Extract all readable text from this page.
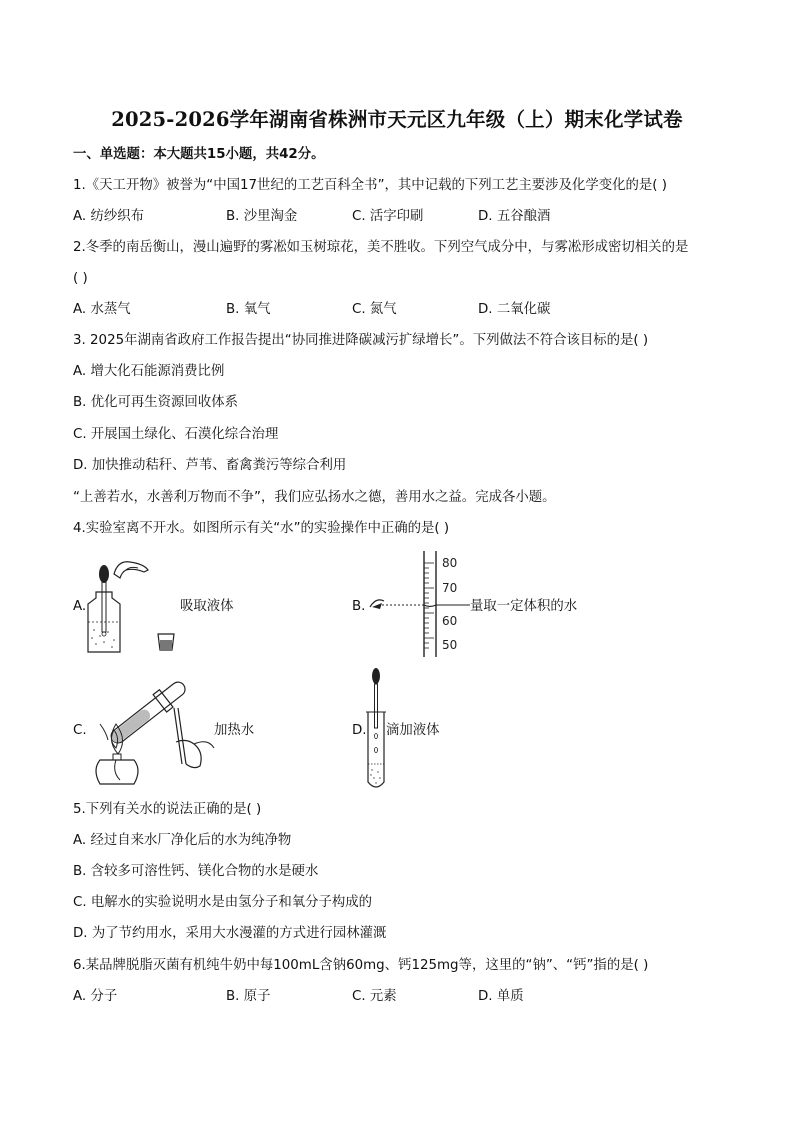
2025-2026学年湖南省株洲市天元区九年级（上）期末化学试卷
一、单选题：本大题共15小题，共42分。
1.《天工开物》被誉为“中国17世纪的工艺百科全书”，其中记载的下列工艺主要涉及化学变化的是( )
A. 纺纱织布	B. 沙里淘金	C. 活字印刷	D. 五谷酿酒
2.冬季的南岳衡山，漫山遍野的雾凇如玉树琼花，美不胜收。下列空气成分中，与雾凇形成密切相关的是
( )
A. 水蒸气	B. 氧气	C. 氮气	D. 二氧化碳
3. 2025年湖南省政府工作报告提出“协同推进降碳减污扩绿增长”。下列做法不符合该目标的是( )
A. 增大化石能源消费比例
B. 优化可再生资源回收体系
C. 开展国土绿化、石漠化综合治理
D. 加快推动秸秆、芦苇、畜禽粪污等综合利用
“上善若水，水善利万物而不争”，我们应弘扬水之德，善用水之益。完成各小题。
4.实验室离不开水。如图所示有关“水”的实验操作中正确的是( )
A.	吸取液体	B.
80
70
60
50
量取一定体积的水
C.	加热水	D. 滴加液体
5.下列有关水的说法正确的是( )
A. 经过自来水厂净化后的水为纯净物
B. 含较多可溶性钙、镁化合物的水是硬水
C. 电解水的实验说明水是由氢分子和氧分子构成的
D. 为了节约用水，采用大水漫灌的方式进行园林灌溉
6.某品牌脱脂灭菌有机纯牛奶中每100mL含钠60mg、钙125mg等，这里的“钠”、“钙”指的是( )
A. 分子	B. 原子	C. 元素	D. 单质
